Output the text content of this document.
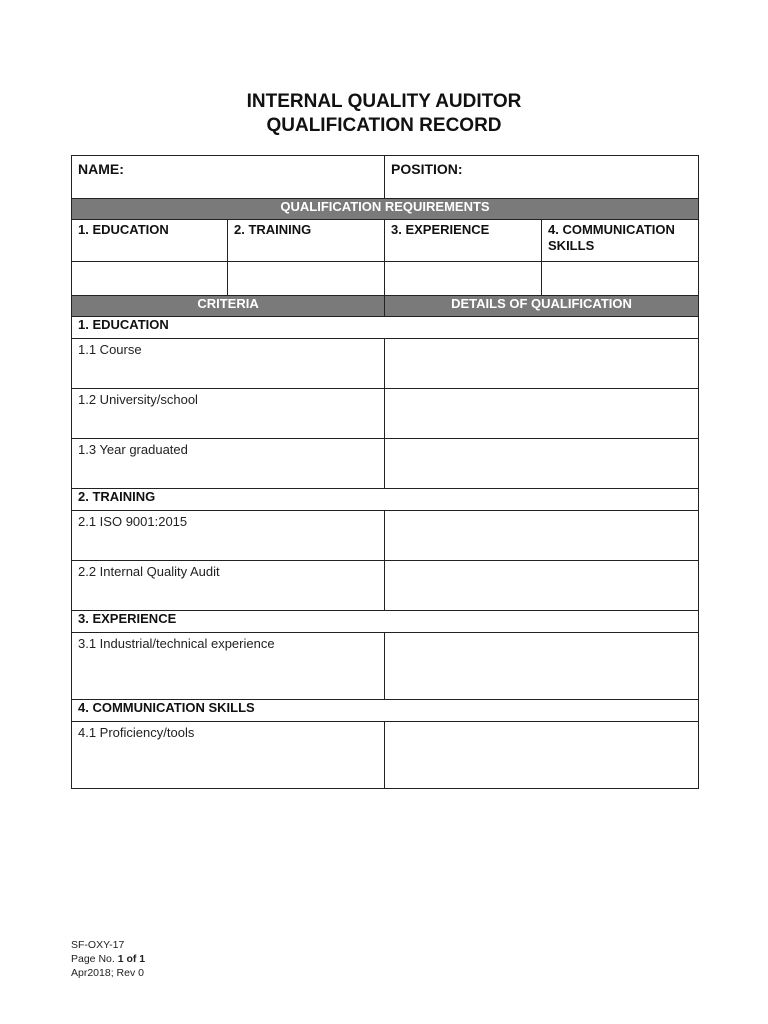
INTERNAL QUALITY AUDITOR
QUALIFICATION RECORD
NAME:		POSITION:	
QUALIFICATION REQUIREMENTS			
1. EDUCATION	2. TRAINING	3. EXPERIENCE	4. COMMUNICATION SKILLS

CRITERIA		DETAILS OF QUALIFICATION	
1. EDUCATION			
1.1 Course			
1.2 University/school			
1.3 Year graduated			
2. TRAINING			
2.1 ISO 9001:2015			
2.2 Internal Quality Audit			
3. EXPERIENCE			
3.1 Industrial/technical experience			
4. COMMUNICATION SKILLS			
4.1 Proficiency/tools			
SF-OXY-17
Page No. 1 of 1
Apr2018; Rev 0
